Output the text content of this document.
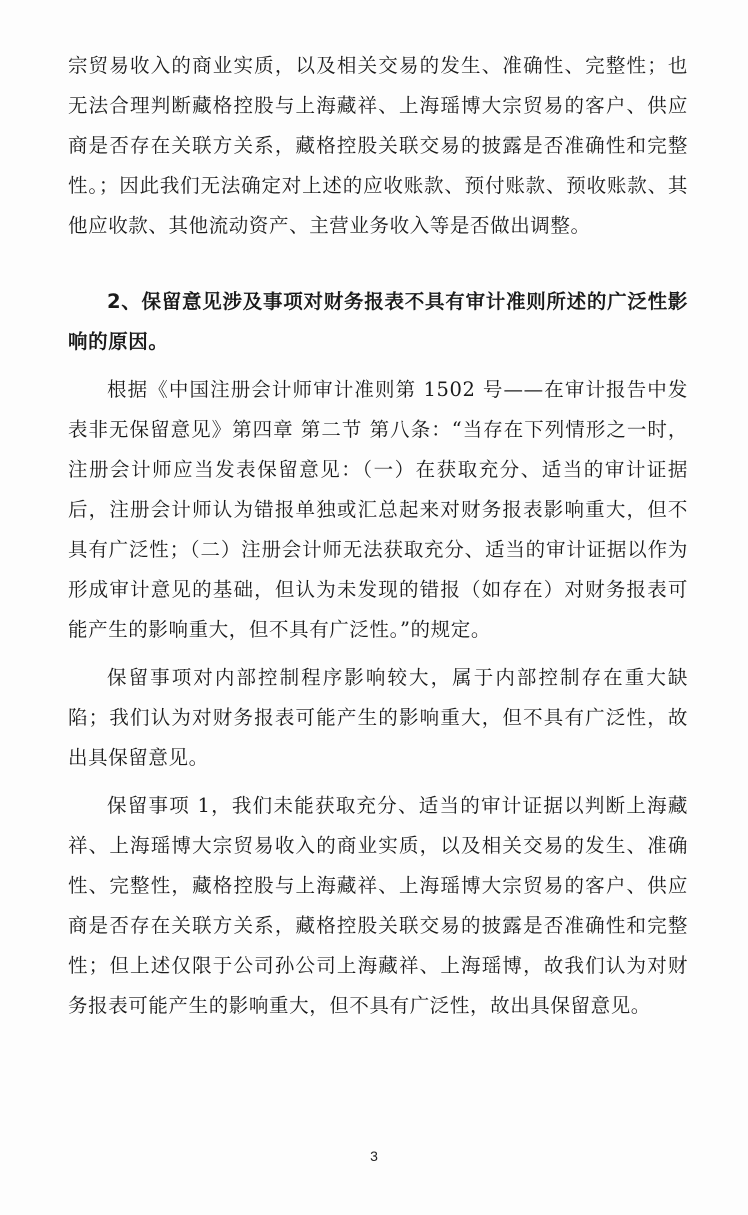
宗贸易收入的商业实质，以及相关交易的发生、准确性、完整性；也无法合理判断藏格控股与上海藏祥、上海瑶博大宗贸易的客户、供应商是否存在关联方关系，藏格控股关联交易的披露是否准确性和完整性。；因此我们无法确定对上述的应收账款、预付账款、预收账款、其他应收款、其他流动资产、主营业务收入等是否做出调整。

2、保留意见涉及事项对财务报表不具有审计准则所述的广泛性影响的原因。

根据《中国注册会计师审计准则第 1502 号——在审计报告中发表非无保留意见》第四章 第二节 第八条：“当存在下列情形之一时，注册会计师应当发表保留意见：（一）在获取充分、适当的审计证据后，注册会计师认为错报单独或汇总起来对财务报表影响重大，但不具有广泛性；（二）注册会计师无法获取充分、适当的审计证据以作为形成审计意见的基础，但认为未发现的错报（如存在）对财务报表可能产生的影响重大，但不具有广泛性。”的规定。

保留事项对内部控制程序影响较大，属于内部控制存在重大缺陷；我们认为对财务报表可能产生的影响重大，但不具有广泛性，故出具保留意见。

保留事项 1，我们未能获取充分、适当的审计证据以判断上海藏祥、上海瑶博大宗贸易收入的商业实质，以及相关交易的发生、准确性、完整性，藏格控股与上海藏祥、上海瑶博大宗贸易的客户、供应商是否存在关联方关系，藏格控股关联交易的披露是否准确性和完整性；但上述仅限于公司孙公司上海藏祥、上海瑶博，故我们认为对财务报表可能产生的影响重大，但不具有广泛性，故出具保留意见。

3
